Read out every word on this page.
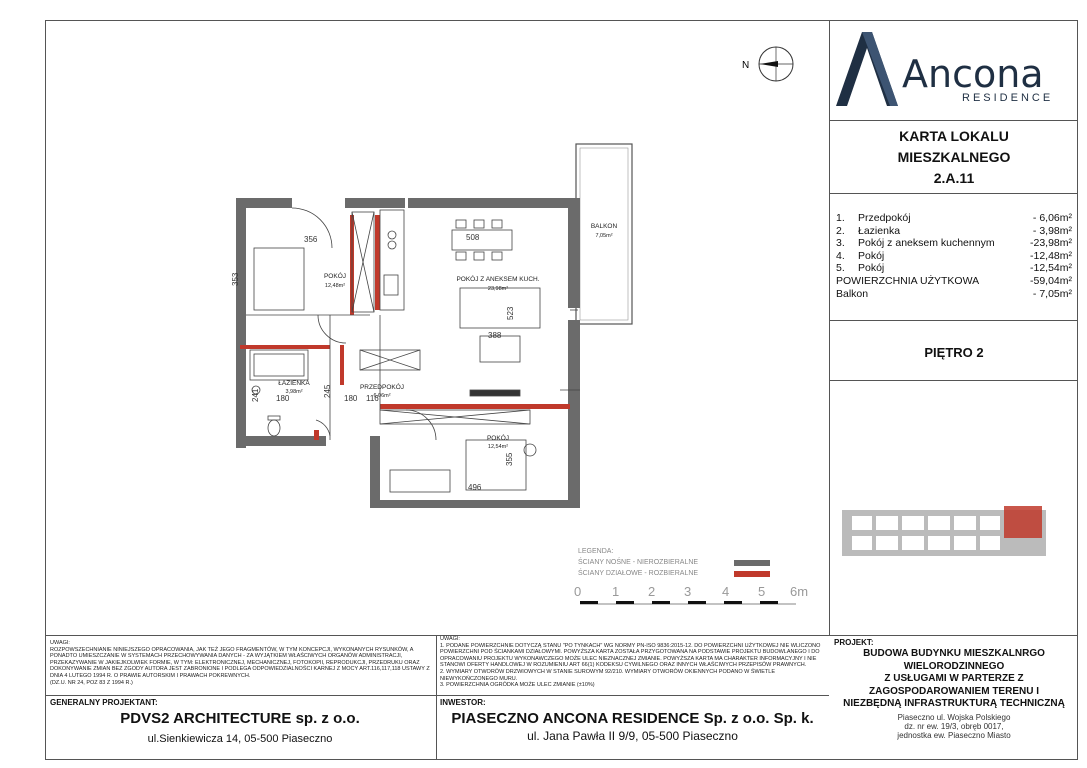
Ancona
RESIDENCE
N
KARTA LOKALU
MIESZKALNEGO
2.A.11
1.	Przedpokój	- 6,06m²
2.	Łazienka	- 3,98m²
3.	Pokój z aneksem kuchennym	-23,98m²
4.	Pokój	-12,48m²
5.	Pokój	-12,54m²
POWIERZCHNIA UŻYTKOWA	-59,04m²
Balkon	- 7,05m²
PIĘTRO 2
BALKON
7,05m²
POKÓJ
12,48m²
POKÓJ Z ANEKSEM KUCH.
23,98m²
ŁAZIENKA
3,98m²
PRZEDPOKÓJ
6,06m²
POKÓJ
12,54m²
356
353
508
523
388
241 180
245
180 116
355
496
LEGENDA:
ŚCIANY NOŚNE - NIEROZBIERALNE
ŚCIANY DZIAŁOWE - ROZBIERALNE
0 1 2 3 4 5 6m
UWAGI:
ROZPOWSZECHNIANIE NINIEJSZEGO OPRACOWANIA, JAK TEŻ JEGO FRAGMENTÓW, W TYM KONCEPCJI, WYKONANYCH RYSUNKÓW, A PONADTO UMIESZCZANIE W SYSTEMACH PRZECHOWYWANIA DANYCH - ZA WYJĄTKIEM WŁAŚCIWYCH ORGANÓW ADMINISTRACJI, PRZEKAZYWANIE W JAKIEJKOLWIEK FORMIE, W TYM: ELEKTRONICZNEJ, MECHANICZNEJ, FOTOKOPII, REPRODUKCJI, PRZEDRUKU ORAZ DOKONYWANIE ZMIAN BEZ ZGODY AUTORA JEST ZABRONIONE I PODLEGA ODPOWIEDZIALNOŚCI KARNEJ Z MOCY ART.116,117,118 USTAWY Z DNIA 4 LUTEGO 1994 R. O PRAWIE AUTORSKIM I PRAWACH POKREWNYCH.
(DZ.U. NR 24, POZ 83 Z 1994 R.)
UWAGI:
1. PODANE POWIERZCHNIE DOTYCZĄ STANU "PO TYNKACH" WG NORMY PN-ISO 9836:2015-12. DO POWIERZCHNI UŻYTKOWEJ NIE WLICZONO POWIERZCHNI POD ŚCIANKAMI DZIAŁOWYMI. POWYŻSZA KARTA ZOSTAŁA PRZYGOTOWANA NA PODSTAWIE PROJEKTU BUDOWLANEGO I DO OPRACOWANIU PROJEKTU WYKONAWCZEGO MOŻE ULEC NIEZNACZNEJ ZMIANIE. POWYŻSZA KARTA MA CHARAKTER INFORMACYJNY I NIE STANOWI OFERTY HANDLOWEJ W ROZUMIENIU ART 66(1) KODEKSU CYWILNEGO ORAZ INNYCH WŁAŚCIWYCH PRZEPISÓW PRAWNYCH.
2. WYMIARY OTWORÓW DRZWIOWYCH W STANIE SUROWYM 92/210. WYMIARY OTWORÓW OKIENNYCH PODANO W ŚWIETLE NIEWYKOŃCZONEGO MURU.
3. POWIERZCHNIA OGRÓDKA MOŻE ULEC ZMIANIE (±10%)
GENERALNY PROJEKTANT:
PDVS2 ARCHITECTURE sp. z o.o.
ul.Sienkiewicza 14, 05-500 Piaseczno
INWESTOR:
PIASECZNO ANCONA RESIDENCE Sp. z o.o. Sp. k.
ul. Jana Pawła II 9/9, 05-500 Piaseczno
PROJEKT:
BUDOWA BUDYNKU MIESZKALNRGO
WIELORODZINNEGO
Z USŁUGAMI W PARTERZE Z
ZAGOSPODAROWANIEM TERENU I
NIEZBĘDNĄ INFRASTRUKTURĄ TECHNICZNĄ
Piaseczno ul. Wojska Polskiego
dz. nr ew. 19/3, obręb 0017,
jednostka ew. Piaseczno Miasto
